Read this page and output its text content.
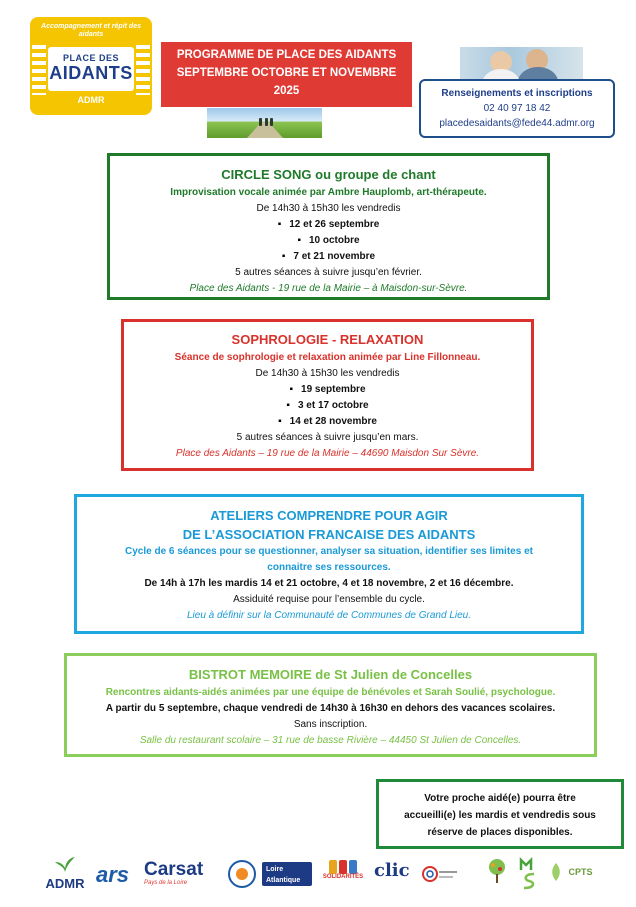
Accompagnement et répit des aidants
PLACE DES
AIDANTS
ADMR
PROGRAMME DE PLACE DES AIDANTS
SEPTEMBRE OCTOBRE ET NOVEMBRE
2025	Renseignements et inscriptions
02 40 97 18 42
placedesaidants@fede44.admr.org
CIRCLE SONG ou groupe de chant
Improvisation vocale animée par Ambre Hauplomb, art-thérapeute.
De 14h30 à 15h30 les vendredis
▪ 12 et 26 septembre
▪ 10 octobre
▪ 7 et 21 novembre
5 autres séances à suivre jusqu’en février.
Place des Aidants - 19 rue de la Mairie – à Maisdon-sur-Sèvre.
SOPHROLOGIE - RELAXATION
Séance de sophrologie et relaxation animée par Line Fillonneau.
De 14h30 à 15h30 les vendredis
▪ 19 septembre
▪ 3 et 17 octobre
▪ 14 et 28 novembre
5 autres séances à suivre jusqu’en mars.
Place des Aidants – 19 rue de la Mairie – 44690 Maisdon Sur Sèvre.
ATELIERS COMPRENDRE POUR AGIR
DE L’ASSOCIATION FRANCAISE DES AIDANTS
Cycle de 6 séances pour se questionner, analyser sa situation, identifier ses limites et
connaitre ses ressources.
De 14h à 17h les mardis 14 et 21 octobre, 4 et 18 novembre, 2 et 16 décembre.
Assiduité requise pour l’ensemble du cycle.
Lieu à définir sur la Communauté de Communes de Grand Lieu.
BISTROT MEMOIRE de St Julien de Concelles
Rencontres aidants-aidés animées par une équipe de bénévoles et Sarah Soulié, psychologue.
A partir du 5 septembre, chaque vendredi de 14h30 à 16h30 en dehors des vacances scolaires.
Sans inscription.
Salle du restaurant scolaire – 31 rue de basse Rivière – 44450 St Julien de Concelles.
Votre proche aidé(e) pourra être
accueilli(e) les mardis et vendredis sous
réserve de places disponibles.
ADMR ars Carsat
Pays de la Loire
Loire Atlantique	SOLIDARITÉS clic	CPTS
